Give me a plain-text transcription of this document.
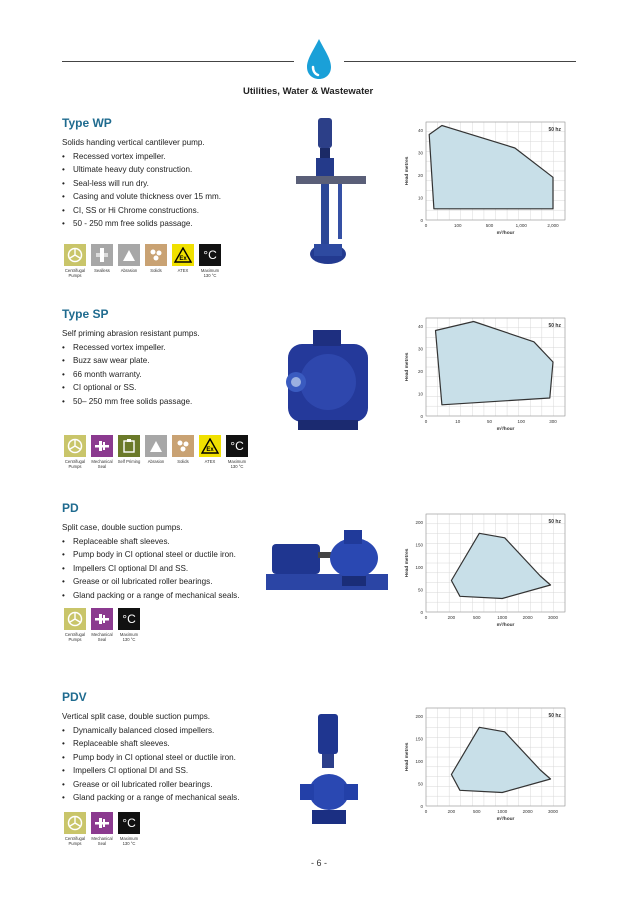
Utilities, Water & Wastewater
Type WP
Solids handing vertical cantilever pump.
• Recessed vortex impeller.
• Ultimate heavy duty construction.
• Seal-less will run dry.
• Casing and volute thickness over 15 mm.
• CI, SS or Hi Chrome constructions.
• 50 - 250 mm free solids passage.
Centrifugal Pumps
Sealless	Abrasion	Solids
Ex
ATEX
°C
Maximum 130 °C
Type SP
Self priming abrasion resistant pumps.
• Recessed vortex impeller.
• Buzz saw wear plate.
• 66 month warranty.
• CI optional or SS.
• 50– 250 mm free solids passage.
Centrifugal Pumps
Mechanical Seal
Self Priming	Abrasion	Solids
Ex
ATEX
°C
Maximum 130 °C
PD
Split case, double suction pumps.
• Replaceable shaft sleeves.
• Pump body in CI optional steel or ductile iron.
• Impellers CI optional DI and SS.
• Grease or oil lubricated roller bearings.
• Gland packing or a range of mechanical seals.
Centrifugal Pumps
Mechanical Seal
°C
Maximum 130 °C
PDV
Vertical split case, double suction pumps.
• Dynamically balanced closed impellers.
• Replaceable shaft sleeves.
• Pump body in CI optional steel or ductile iron.
• Impellers CI optional DI and SS.
• Grease or oil lubricated roller bearings.
• Gland packing or a range of mechanical seals.
Centrifugal Pumps
Mechanical Seal
°C
Maximum 130 °C
0
10
20
30
40
0	100	500	1,000	2,000
m³/hour
Head metres
50 hz
0
10
20
30
40
0	10	50	100	300
m³/hour
Head metres
50 hz
0
50
100
150
200
0	200	500	1000	2000	3000
m³/hour
Head metres
50 hz
0
50
100
150
200
0	200	500	1000	2000	3000
m³/hour
Head metres
50 hz
- 6 -
